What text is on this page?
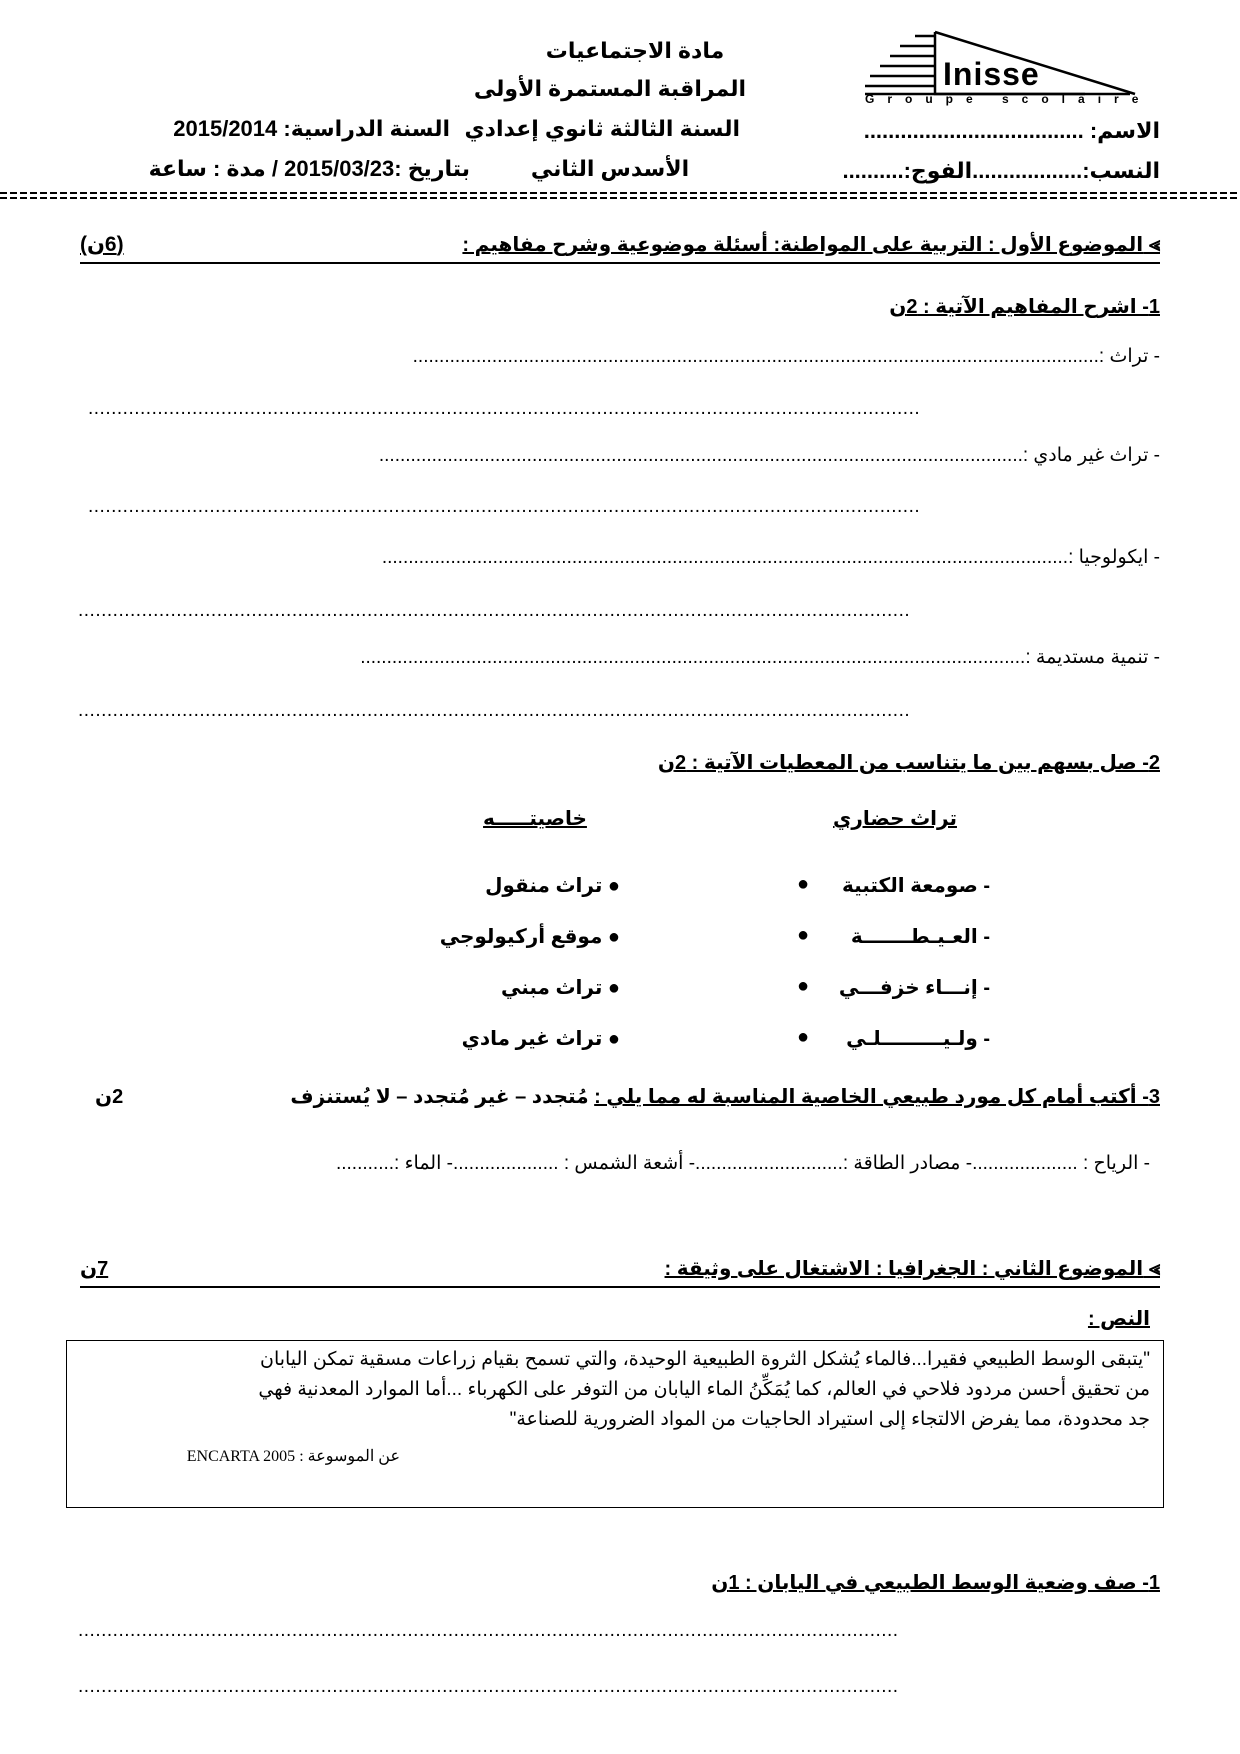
مادة الاجتماعيات
المراقبة المستمرة الأولى
السنة الثالثة ثانوي إعدادي
الأسدس الثاني
السنة الدراسية: 2015/2014
بتاريخ :2015/03/23 / مدة : ساعة
الاسم: ....................................
النسب:..................الفوج:..........
Inisse
Groupe scolaire
⪢ الموضوع الأول : التربية على المواطنة: أسئلة موضوعية وشرح مفاهيم :
(6ن)
1- اشرح المفاهيم الآتية : 2ن
- تراث :..................................................................................................................................
................................................................................................................................................
- تراث غير مادي :..........................................................................................................................
................................................................................................................................................
- ايكولوجيا :..................................................................................................................................
................................................................................................................................................
- تنمية مستديمة :..............................................................................................................................
................................................................................................................................................
2- صل بسهم بين ما يتناسب من المعطيات الآتية : 2ن
تراث حضاري
خاصيتـــــه
- صومعة الكتبية
●
- العـيـطـــــــة
●
- إنـــاء خزفـــي
●
- ولـيـــــــــلـي
●
● تراث منقول
● موقع أركيولوجي
● تراث مبني
● تراث غير مادي
3- أكتب أمام كل مورد طبيعي الخاصية المناسبة له مما يلي : مُتجدد – غير مُتجدد – لا يُستنزف
2ن
- الرياح : ....................- مصادر الطاقة :............................- أشعة الشمس : ....................- الماء :...........
⪢ الموضوع الثاني : الجغرافيا : الاشتغال على وثيقة :
7ن
النص :
"يتبقى الوسط الطبيعي فقيرا...فالماء يُشكل الثروة الطبيعية الوحيدة، والتي تسمح بقيام زراعات مسقية تمكن اليابان
من تحقيق أحسن مردود فلاحي في العالم، كما يُمَكِّنُ الماء اليابان من التوفر على الكهرباء ...أما الموارد المعدنية فهي
جد محدودة، مما يفرض الالتجاء إلى استيراد الحاجيات من المواد الضرورية للصناعة"
عن الموسوعة : ENCARTA 2005
1- صف وضعية الوسط الطبيعي في اليابان : 1ن
..............................................................................................................................................
..............................................................................................................................................
